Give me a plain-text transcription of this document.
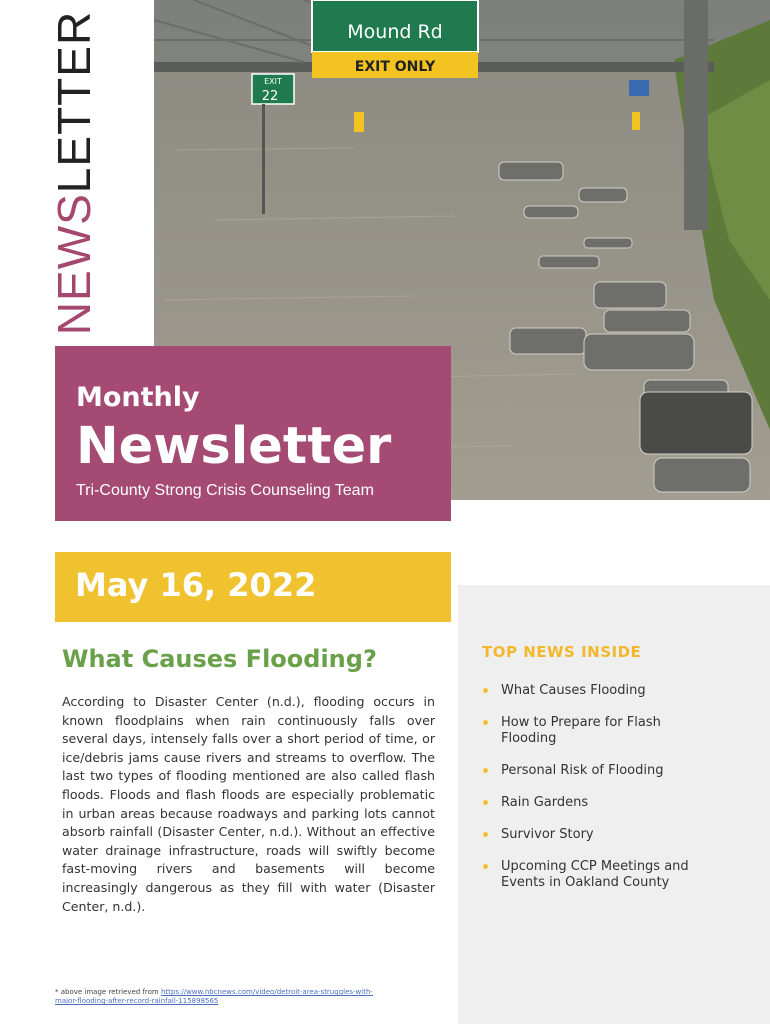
NEWSLETTER	Mound Rd
EXIT ONLY
EXIT
22
Monthly
Newsletter
Tri-County Strong Crisis Counseling Team
May 16, 2022
What Causes Flooding?

According to Disaster Center (n.d.), flooding occurs in known floodplains when rain continuously falls over several days, intensely falls over a short period of time, or ice/debris jams cause rivers and streams to overflow. The last two types of flooding mentioned are also called flash floods. Floods and flash floods are especially problematic in urban areas because roadways and parking lots cannot absorb rainfall (Disaster Center, n.d.). Without an effective water drainage infrastructure, roads will swiftly become fast-moving rivers and basements will become increasingly dangerous as they fill with water (Disaster Center, n.d.).

TOP NEWS INSIDE
What Causes Flooding
How to Prepare for Flash Flooding
Personal Risk of Flooding
Rain Gardens
Survivor Story
Upcoming CCP Meetings and Events in Oakland County
* above image retrieved from https://www.nbcnews.com/video/detroit-area-struggles-with-major-flooding-after-record-rainfall-115898565
